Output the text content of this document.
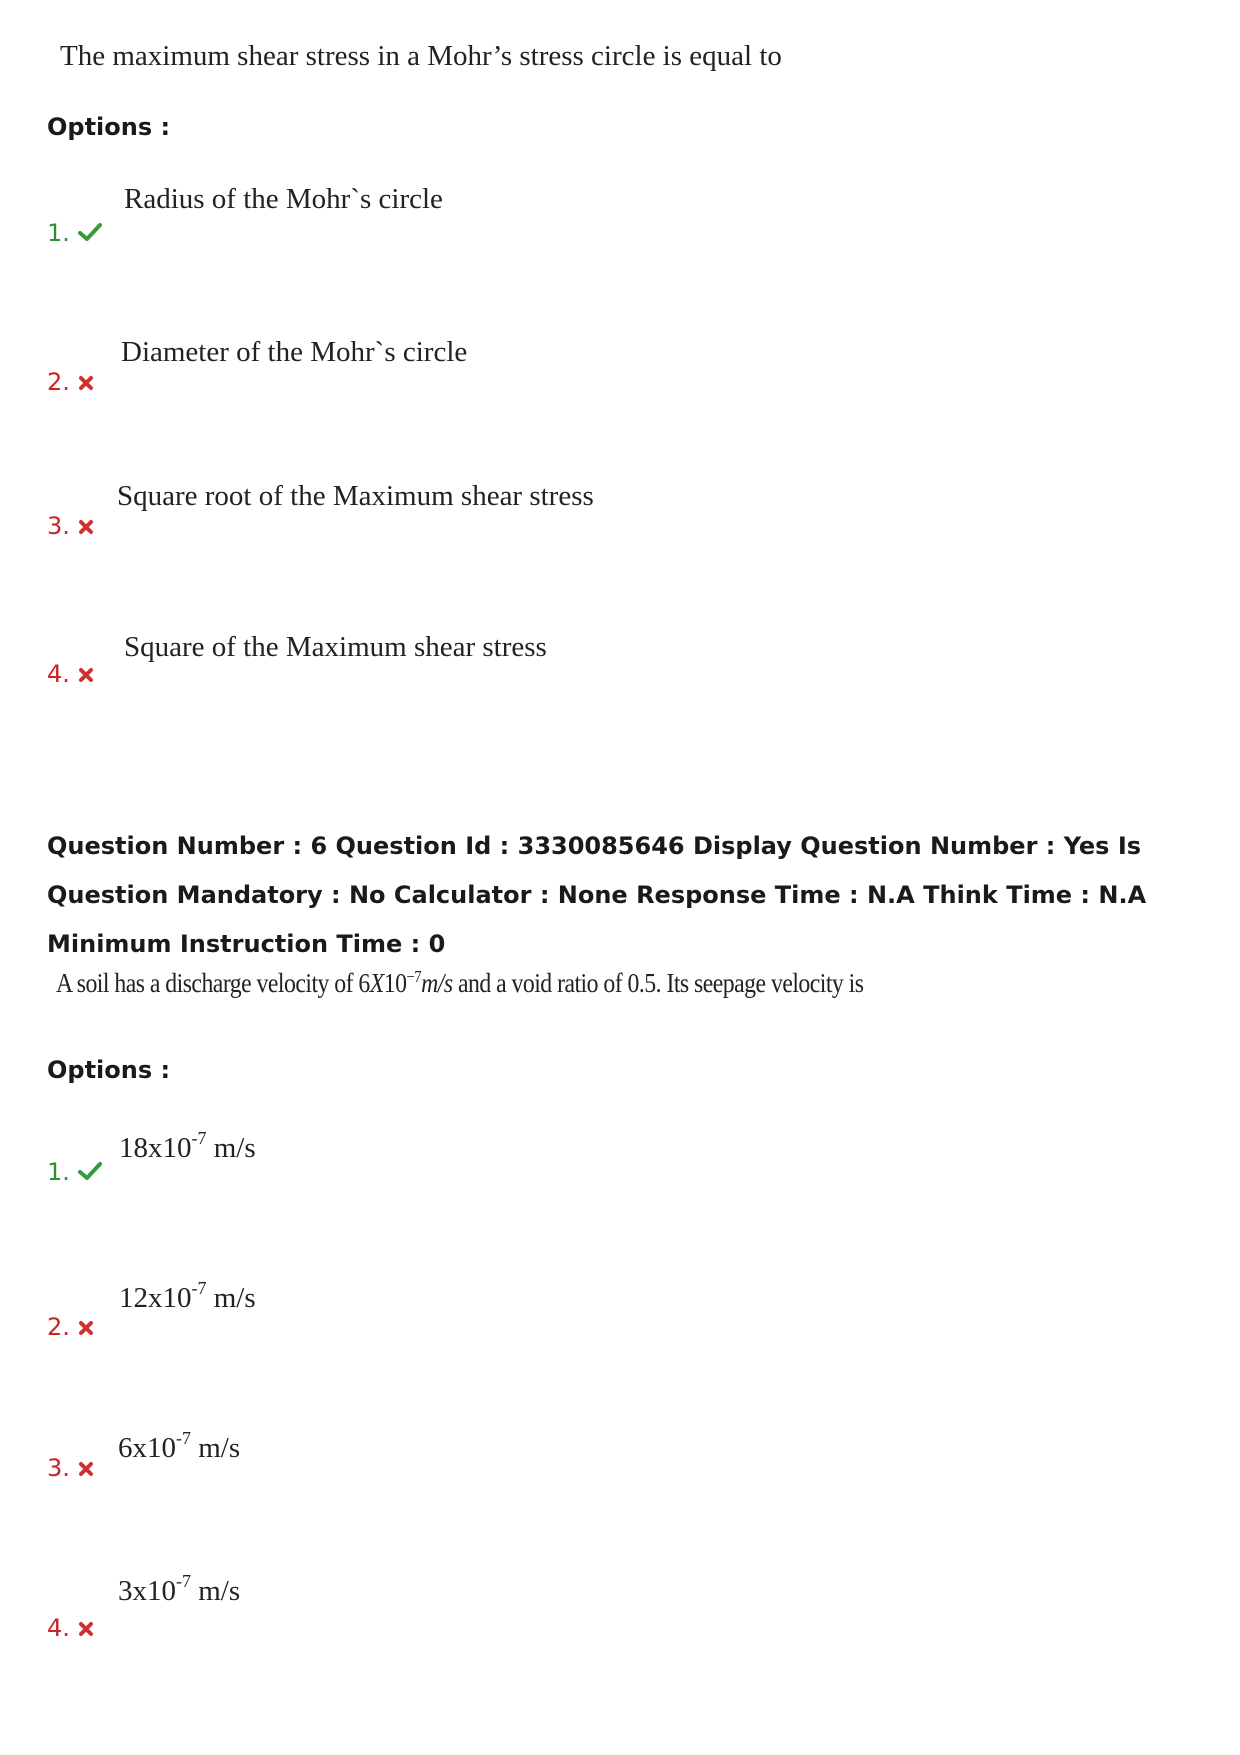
The maximum shear stress in a Mohr’s stress circle is equal to
Options :
Radius of the Mohr`s circle
1.
Diameter of the Mohr`s circle
2.
Square root of the Maximum shear stress
3.
Square of the Maximum shear stress
4.
Question Number : 6 Question Id : 3330085646 Display Question Number : Yes Is Question Mandatory : No Calculator : None Response Time : N.A Think Time : N.A Minimum Instruction Time : 0
A soil has a discharge velocity of $6X10^{-7}m/s$ and a void ratio of 0.5. Its seepage velocity is
Options :
$18x10^{-7}$ m/s
1.
$12x10^{-7}$ m/s
2.
$6x10^{-7}$ m/s
3.
$3x10^{-7}$ m/s
4.
